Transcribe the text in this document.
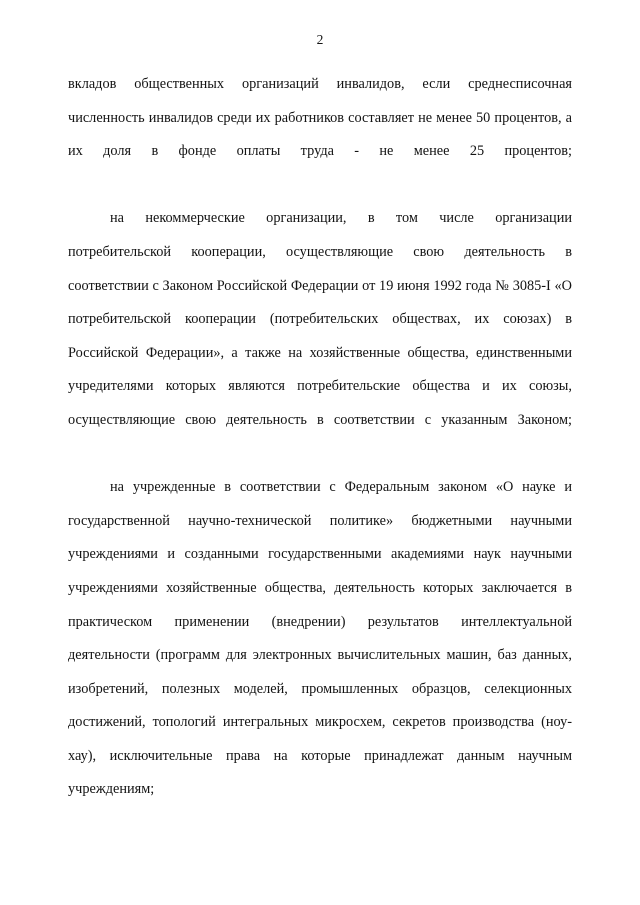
2

вкладов общественных организаций инвалидов, если среднесписочная численность инвалидов среди их работников составляет не менее 50 процентов, а их доля в фонде оплаты труда - не менее 25 процентов;

на некоммерческие организации, в том числе организации потребительской кооперации, осуществляющие свою деятельность в соответствии с Законом Российской Федерации от 19 июня 1992 года № 3085-I «О потребительской кооперации (потребительских обществах, их союзах) в Российской Федерации», а также на хозяйственные общества, единственными учредителями которых являются потребительские общества и их союзы, осуществляющие свою деятельность в соответствии с указанным Законом;

на учрежденные в соответствии с Федеральным законом «О науке и государственной научно-технической политике» бюджетными научными учреждениями и созданными государственными академиями наук научными учреждениями хозяйственные общества, деятельность которых заключается в практическом применении (внедрении) результатов интеллектуальной деятельности (программ для электронных вычислительных машин, баз данных, изобретений, полезных моделей, промышленных образцов, селекционных достижений, топологий интегральных микросхем, секретов производства (ноу-хау), исключительные права на которые принадлежат данным научным учреждениям;
